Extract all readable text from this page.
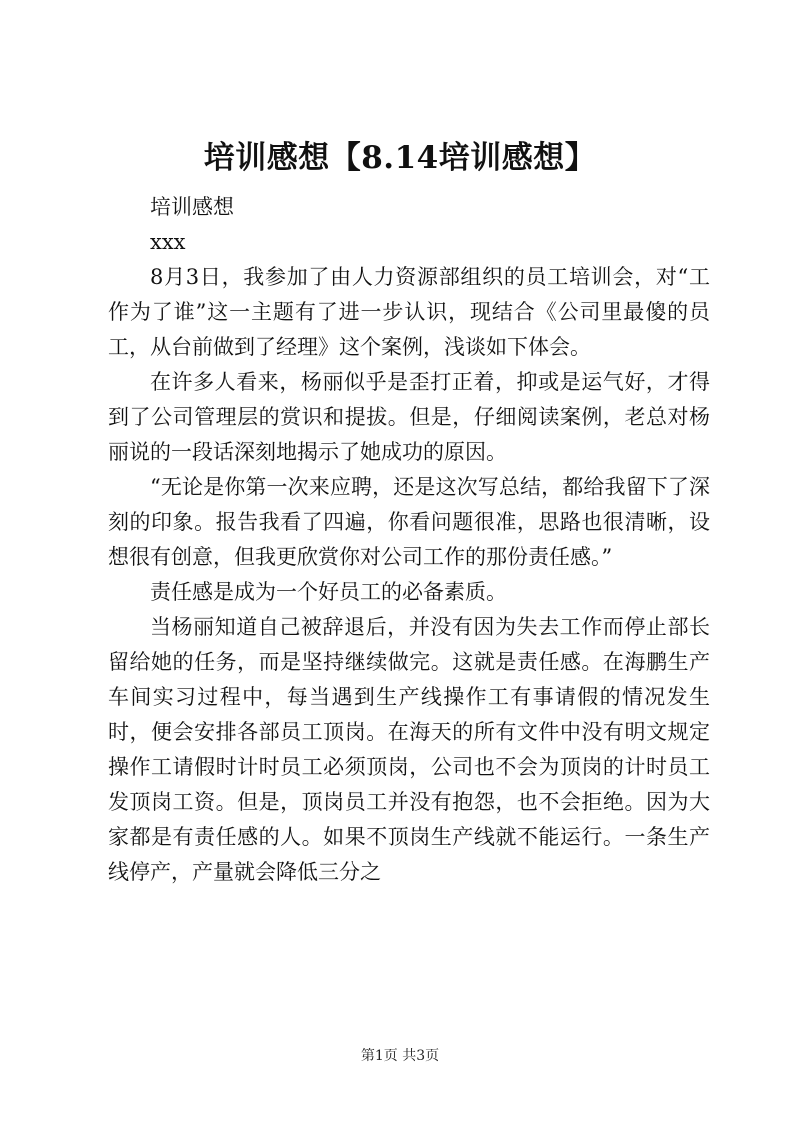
培训感想【8.14培训感想】

培训感想

xxx

8月3日，我参加了由人力资源部组织的员工培训会，对“工作为了谁”这一主题有了进一步认识，现结合《公司里最傻的员工，从台前做到了经理》这个案例，浅谈如下体会。

在许多人看来，杨丽似乎是歪打正着，抑或是运气好，才得到了公司管理层的赏识和提拔。但是，仔细阅读案例，老总对杨丽说的一段话深刻地揭示了她成功的原因。

“无论是你第一次来应聘，还是这次写总结，都给我留下了深刻的印象。报告我看了四遍，你看问题很准，思路也很清晰，设想很有创意，但我更欣赏你对公司工作的那份责任感。”

责任感是成为一个好员工的必备素质。

当杨丽知道自己被辞退后，并没有因为失去工作而停止部长留给她的任务，而是坚持继续做完。这就是责任感。在海鹏生产车间实习过程中，每当遇到生产线操作工有事请假的情况发生时，便会安排各部员工顶岗。在海天的所有文件中没有明文规定操作工请假时计时员工必须顶岗，公司也不会为顶岗的计时员工发顶岗工资。但是，顶岗员工并没有抱怨，也不会拒绝。因为大家都是有责任感的人。如果不顶岗生产线就不能运行。一条生产线停产，产量就会降低三分之

第1页 共3页
